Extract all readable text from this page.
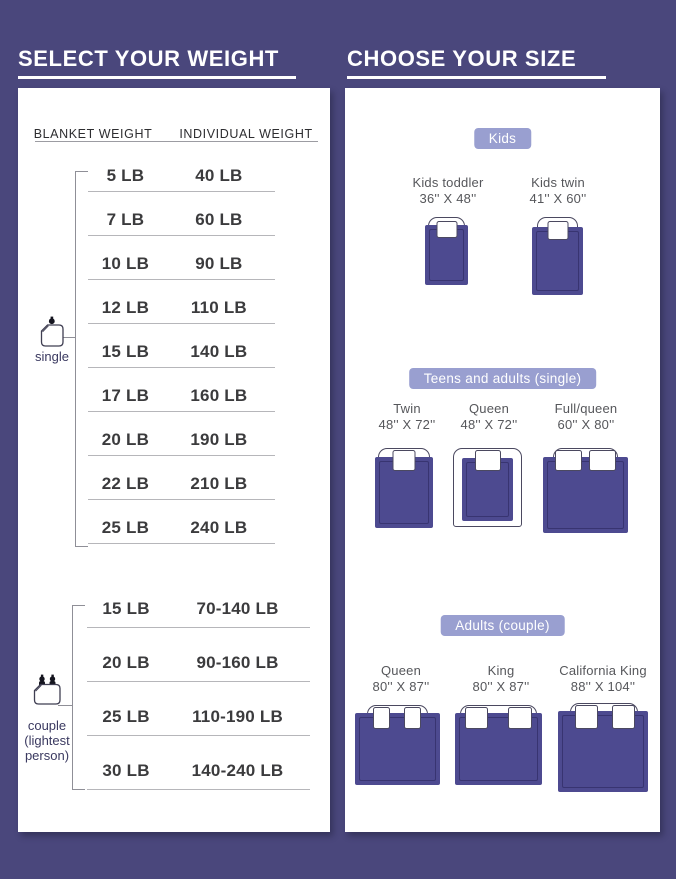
SELECT YOUR WEIGHT	CHOOSE YOUR SIZE
BLANKET WEIGHT INDIVIDUAL WEIGHT
5 LB	40 LB
7 LB	60 LB
10 LB	90 LB
12 LB	110 LB
15 LB	140 LB
17 LB	160 LB
20 LB	190 LB
22 LB	210 LB
25 LB	240 LB
single
15 LB	70-140 LB
20 LB	90-160 LB
25 LB	110-190 LB
30 LB	140-240 LB
couple
(lightest
person)
Kids
Kids toddler
36'' X 48''
Kids twin
41'' X 60''
Teens and adults (single)
Twin
48'' X 72''
Queen
48'' X 72''
Full/queen
60'' X 80''
Adults (couple)
Queen
80'' X 87''
King
80'' X 87''
California King
88'' X 104''
